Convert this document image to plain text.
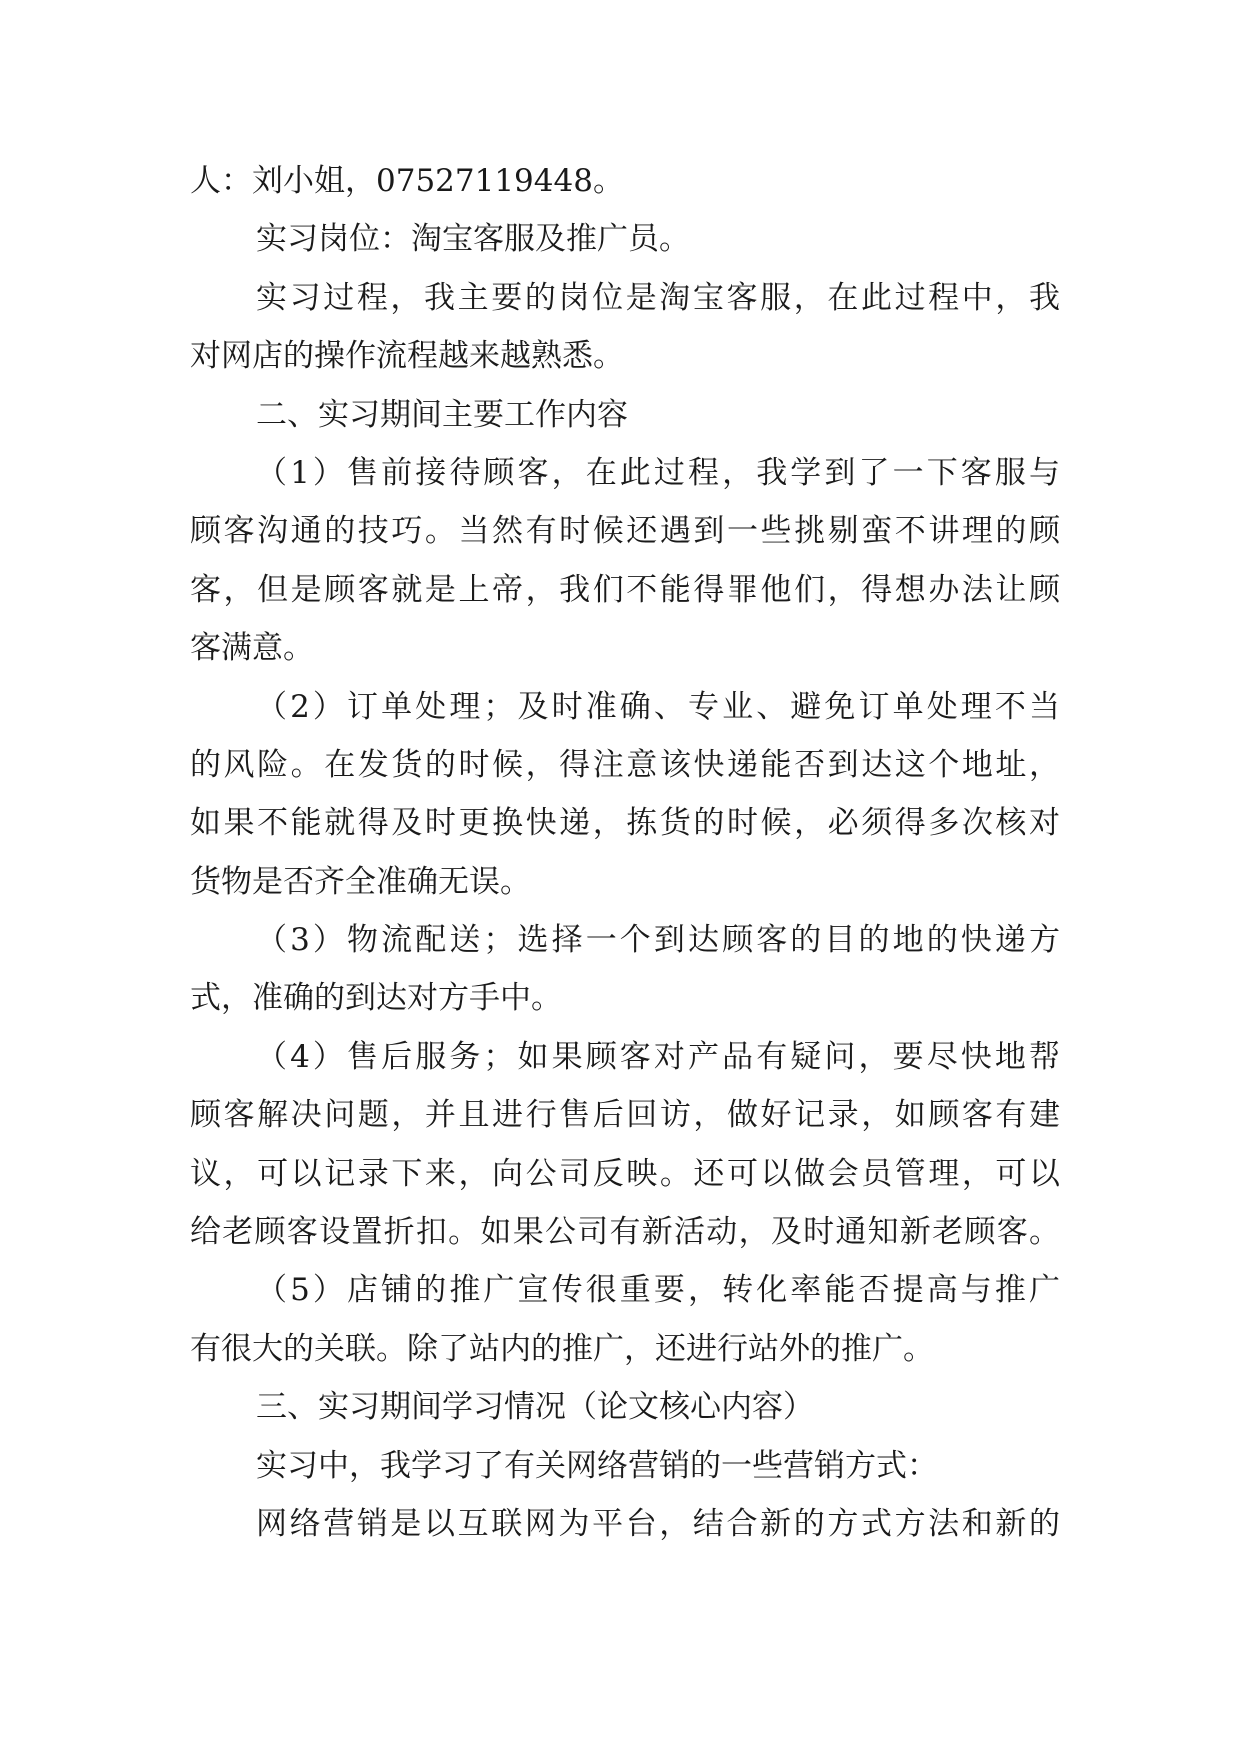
人：刘小姐，07527119448。
实习岗位：淘宝客服及推广员。
实习过程，我主要的岗位是淘宝客服，在此过程中，我
对网店的操作流程越来越熟悉。
二、实习期间主要工作内容
（1）售前接待顾客，在此过程，我学到了一下客服与
顾客沟通的技巧。当然有时候还遇到一些挑剔蛮不讲理的顾
客，但是顾客就是上帝，我们不能得罪他们，得想办法让顾
客满意。
（2）订单处理；及时准确、专业、避免订单处理不当
的风险。在发货的时候，得注意该快递能否到达这个地址，
如果不能就得及时更换快递，拣货的时候，必须得多次核对
货物是否齐全准确无误。
（3）物流配送；选择一个到达顾客的目的地的快递方
式，准确的到达对方手中。
（4）售后服务；如果顾客对产品有疑问，要尽快地帮
顾客解决问题，并且进行售后回访，做好记录，如顾客有建
议，可以记录下来，向公司反映。还可以做会员管理，可以
给老顾客设置折扣。如果公司有新活动，及时通知新老顾客。
（5）店铺的推广宣传很重要，转化率能否提高与推广
有很大的关联。除了站内的推广，还进行站外的推广。
三、实习期间学习情况（论文核心内容）
实习中，我学习了有关网络营销的一些营销方式：
网络营销是以互联网为平台，结合新的方式方法和新的
